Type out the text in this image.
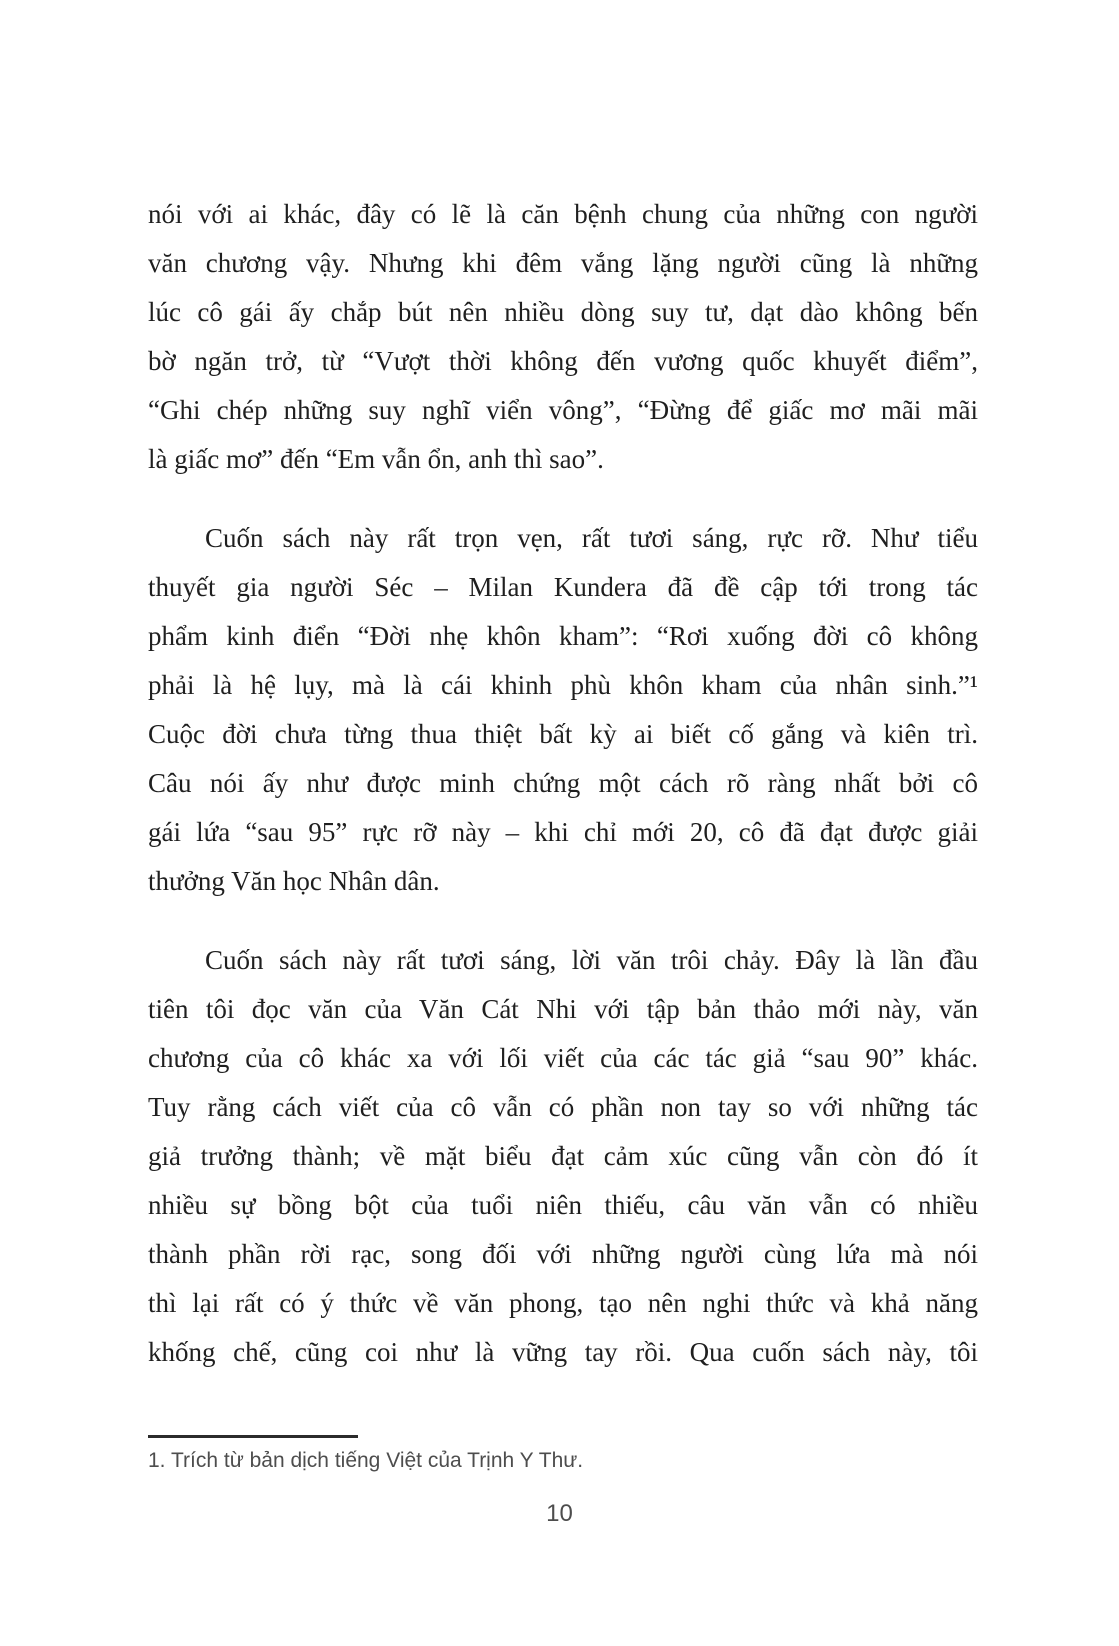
nói với ai khác, đây có lẽ là căn bệnh chung của những con người
văn chương vậy. Nhưng khi đêm vắng lặng người cũng là những
lúc cô gái ấy chắp bút nên nhiều dòng suy tư, dạt dào không bến
bờ ngăn trở, từ “Vượt thời không đến vương quốc khuyết điểm”,
“Ghi chép những suy nghĩ viển vông”, “Đừng để giấc mơ mãi mãi
là giấc mơ” đến “Em vẫn ổn, anh thì sao”.
Cuốn sách này rất trọn vẹn, rất tươi sáng, rực rỡ. Như tiểu
thuyết gia người Séc – Milan Kundera đã đề cập tới trong tác
phẩm kinh điển “Đời nhẹ khôn kham”: “Rơi xuống đời cô không
phải là hệ lụy, mà là cái khinh phù khôn kham của nhân sinh.”¹
Cuộc đời chưa từng thua thiệt bất kỳ ai biết cố gắng và kiên trì.
Câu nói ấy như được minh chứng một cách rõ ràng nhất bởi cô
gái lứa “sau 95” rực rỡ này – khi chỉ mới 20, cô đã đạt được giải
thưởng Văn học Nhân dân.
Cuốn sách này rất tươi sáng, lời văn trôi chảy. Đây là lần đầu
tiên tôi đọc văn của Văn Cát Nhi với tập bản thảo mới này, văn
chương của cô khác xa với lối viết của các tác giả “sau 90” khác.
Tuy rằng cách viết của cô vẫn có phần non tay so với những tác
giả trưởng thành; về mặt biểu đạt cảm xúc cũng vẫn còn đó ít
nhiều sự bồng bột của tuổi niên thiếu, câu văn vẫn có nhiều
thành phần rời rạc, song đối với những người cùng lứa mà nói
thì lại rất có ý thức về văn phong, tạo nên nghi thức và khả năng
khống chế, cũng coi như là vững tay rồi. Qua cuốn sách này, tôi
1. Trích từ bản dịch tiếng Việt của Trịnh Y Thư.
10
